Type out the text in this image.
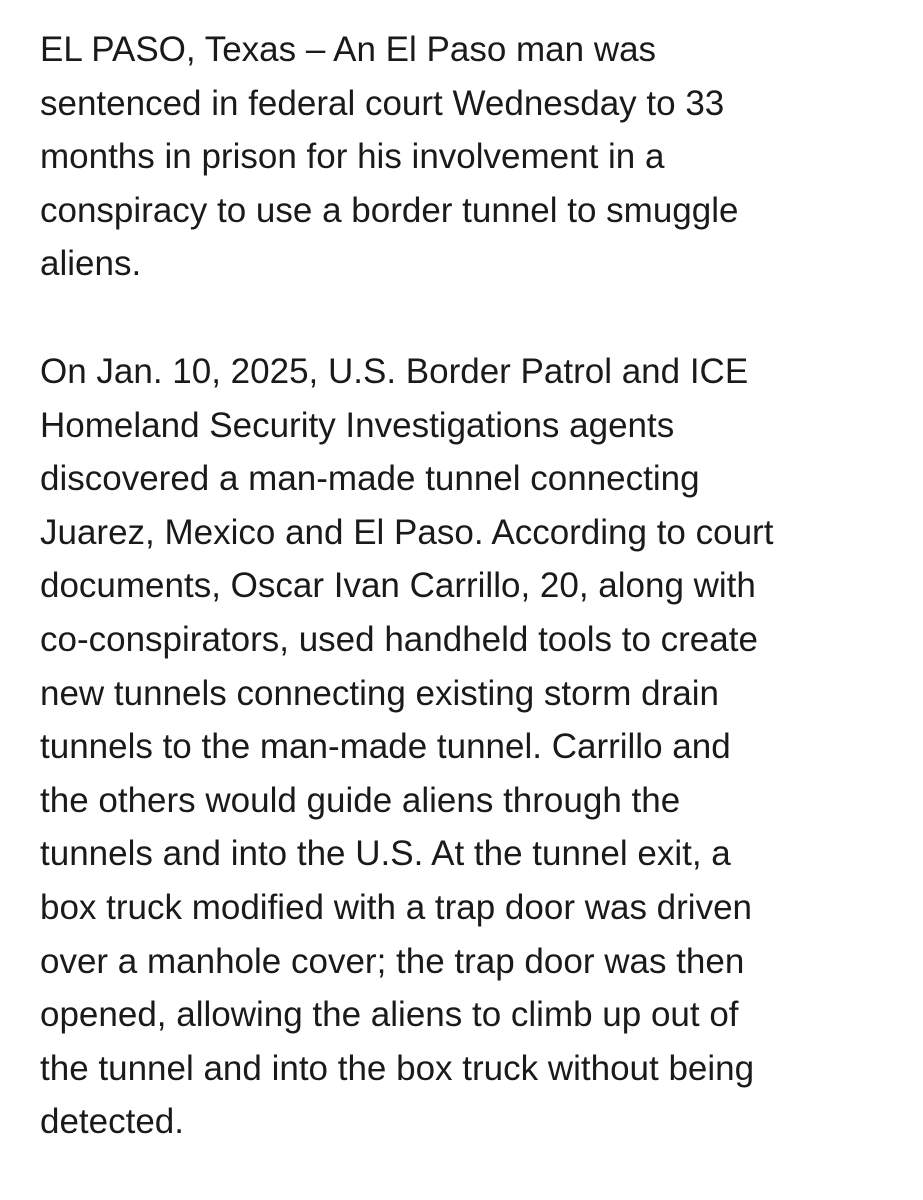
EL PASO, Texas – An El Paso man was
sentenced in federal court Wednesday to 33
months in prison for his involvement in a
conspiracy to use a border tunnel to smuggle
aliens.

On Jan. 10, 2025, U.S. Border Patrol and ICE
Homeland Security Investigations agents
discovered a man-made tunnel connecting
Juarez, Mexico and El Paso. According to court
documents, Oscar Ivan Carrillo, 20, along with
co-conspirators, used handheld tools to create
new tunnels connecting existing storm drain
tunnels to the man-made tunnel. Carrillo and
the others would guide aliens through the
tunnels and into the U.S. At the tunnel exit, a
box truck modified with a trap door was driven
over a manhole cover; the trap door was then
opened, allowing the aliens to climb up out of
the tunnel and into the box truck without being
detected.
